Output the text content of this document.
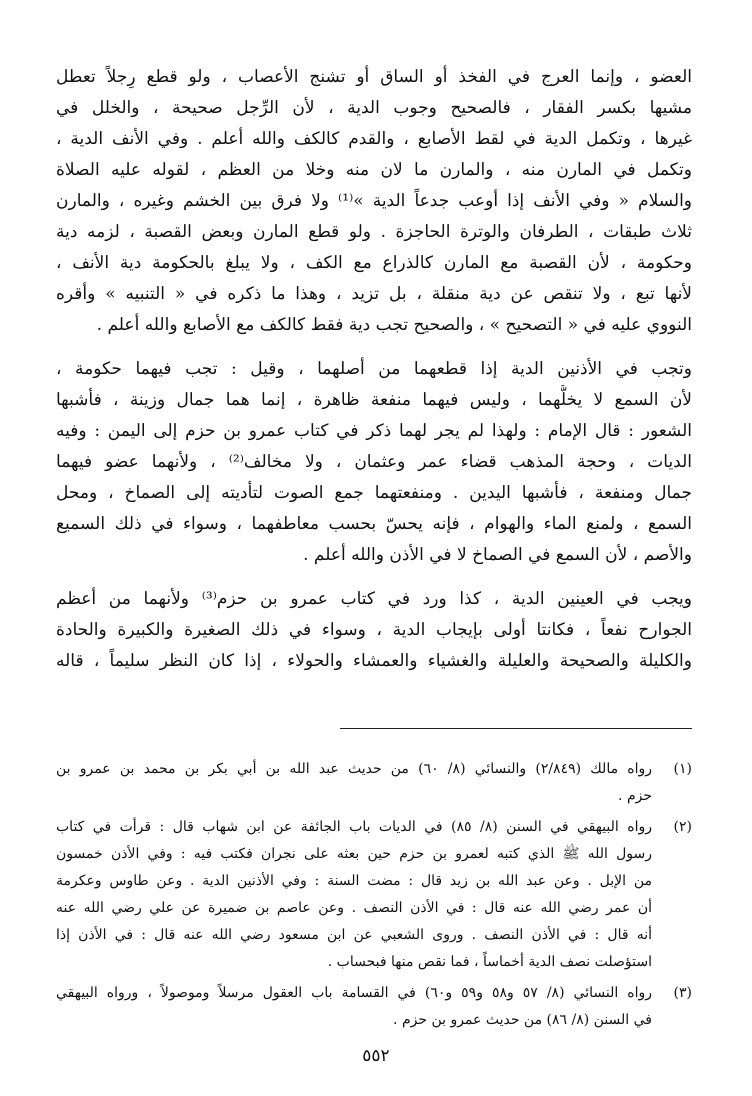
العضو ، وإنما العرج في الفخذ أو الساق أو تشنج الأعصاب ، ولو قطع رِجلاً تعطل
مشيها بكسر الفقار ، فالصحيح وجوب الدية ، لأن الرِّجل صحيحة ، والخلل في
غيرها ، وتكمل الدية في لقط الأصابع ، والقدم كالكف والله أعلم . وفي الأنف الدية ،
وتكمل في المارن منه ، والمارن ما لان منه وخلا من العظم ، لقوله عليه الصلاة
والسلام « وفي الأنف إذا أوعب جدعاً الدية »⁽¹⁾ ولا فرق بين الخشم وغيره ، والمارن
ثلاث طبقات ، الطرفان والوترة الحاجزة . ولو قطع المارن وبعض القصبة ، لزمه دية
وحكومة ، لأن القصبة مع المارن كالذراع مع الكف ، ولا يبلغ بالحكومة دية الأنف ،
لأنها تبع ، ولا تنقص عن دية منقلة ، بل تزيد ، وهذا ما ذكره في « التنبيه » وأقره
النووي عليه في « التصحيح » ، والصحيح تجب دية فقط كالكف مع الأصابع والله أعلم .
وتجب في الأذنين الدية إذا قطعهما من أصلهما ، وقيل : تجب فيهما حكومة ،
لأن السمع لا يخلُّهما ، وليس فيهما منفعة ظاهرة ، إنما هما جمال وزينة ، فأشبها
الشعور : قال الإمام : ولهذا لم يجر لهما ذكر في كتاب عمرو بن حزم إلى اليمن : وفيه
الديات ، وحجة المذهب قضاء عمر وعثمان ، ولا مخالف⁽²⁾ ، ولأنهما عضو فيهما
جمال ومنفعة ، فأشبها اليدين . ومنفعتهما جمع الصوت لتأديته إلى الصماخ ، ومحل
السمع ، ولمنع الماء والهوام ، فإنه يحسّ بحسب معاطفهما ، وسواء في ذلك السميع
والأصم ، لأن السمع في الصماخ لا في الأذن والله أعلم .
ويجب في العينين الدية ، كذا ورد في كتاب عمرو بن حزم⁽³⁾ ولأنهما من أعظم
الجوارح نفعاً ، فكانتا أولى بإيجاب الدية ، وسواء في ذلك الصغيرة والكبيرة والحادة
والكليلة والصحيحة والعليلة والغشياء والعمشاء والحولاء ، إذا كان النظر سليماً ، قاله
(١)
رواه مالك (٢/٨٤٩) والنسائي (٨/ ٦٠) من حديث عبد الله بن أبي بكر بن محمد بن عمرو بن
حزم .
(٢)
رواه البيهقي في السنن (٨/ ٨٥) في الديات باب الجائفة عن ابن شهاب قال : قرأت في كتاب
رسول الله ﷺ الذي كتبه لعمرو بن حزم حين بعثه على نجران فكتب فيه : وفي الأذن خمسون
من الإبل . وعن عبد الله بن زيد قال : مضت السنة : وفي الأذنين الدية . وعن طاوس وعكرمة
أن عمر رضي الله عنه قال : في الأذن النصف . وعن عاصم بن ضميرة عن علي رضي الله عنه
أنه قال : في الأذن النصف . وروى الشعبي عن ابن مسعود رضي الله عنه قال : في الأذن إذا
استؤصلت نصف الدية أخماساً ، فما نقص منها فبحساب .
(٣)
رواه النسائي (٨/ ٥٧ و٥٨ و٥٩ و٦٠) في القسامة باب العقول مرسلاً وموصولاً ، ورواه البيهقي
في السنن (٨/ ٨٦) من حديث عمرو بن حزم .
٥٥٢
